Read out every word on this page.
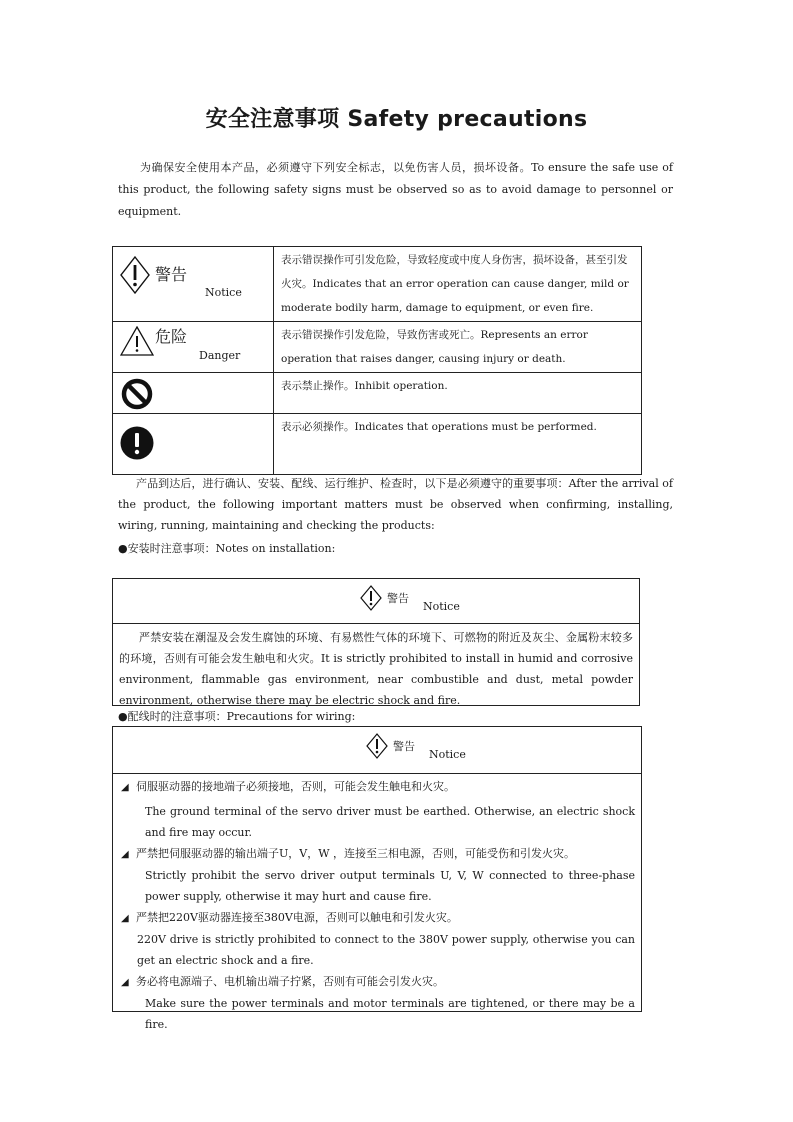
安全注意事项 Safety precautions
为确保安全使用本产品，必须遵守下列安全标志，以免伤害人员，损坏设备。To ensure the safe use of this product, the following safety signs must be observed so as to avoid damage to personnel or equipment.
警告
Notice	表示错误操作可引发危险，导致轻度或中度人身伤害，损坏设备，甚至引发火灾。Indicates that an error operation can cause danger, mild or moderate bodily harm, damage to equipment, or even fire.

危险
Danger	表示错误操作引发危险，导致伤害或死亡。Represents an error operation that raises danger, causing injury or death.

	表示禁止操作。Inhibit operation.

	表示必须操作。Indicates that operations must be performed.
产品到达后，进行确认、安装、配线、运行维护、检查时，以下是必须遵守的重要事项：After the arrival of the product, the following important matters must be observed when confirming, installing, wiring, running, maintaining and checking the products:
●安装时注意事项：Notes on installation:
警告
Notice
严禁安装在潮湿及会发生腐蚀的环境、有易燃性气体的环境下、可燃物的附近及灰尘、金属粉末较多的环境，否则有可能会发生触电和火灾。It is strictly prohibited to install in humid and corrosive environment, flammable gas environment, near combustible and dust, metal powder environment, otherwise there may be electric shock and fire.
●配线时的注意事项：Precautions for wiring:
警告
Notice
◢ 伺服驱动器的接地端子必须接地，否则，可能会发生触电和火灾。
The ground terminal of the servo driver must be earthed. Otherwise, an electric shock and fire may occur.
◢ 严禁把伺服驱动器的输出端子U，V，W ，连接至三相电源，否则，可能受伤和引发火灾。
Strictly prohibit the servo driver output terminals U, V, W connected to three-phase power supply, otherwise it may hurt and cause fire.
◢ 严禁把220V驱动器连接至380V电源，否则可以触电和引发火灾。
220V drive is strictly prohibited to connect to the 380V power supply, otherwise you can get an electric shock and a fire.
◢ 务必将电源端子、电机输出端子拧紧，否则有可能会引发火灾。
Make sure the power terminals and motor terminals are tightened, or there may be a fire.
